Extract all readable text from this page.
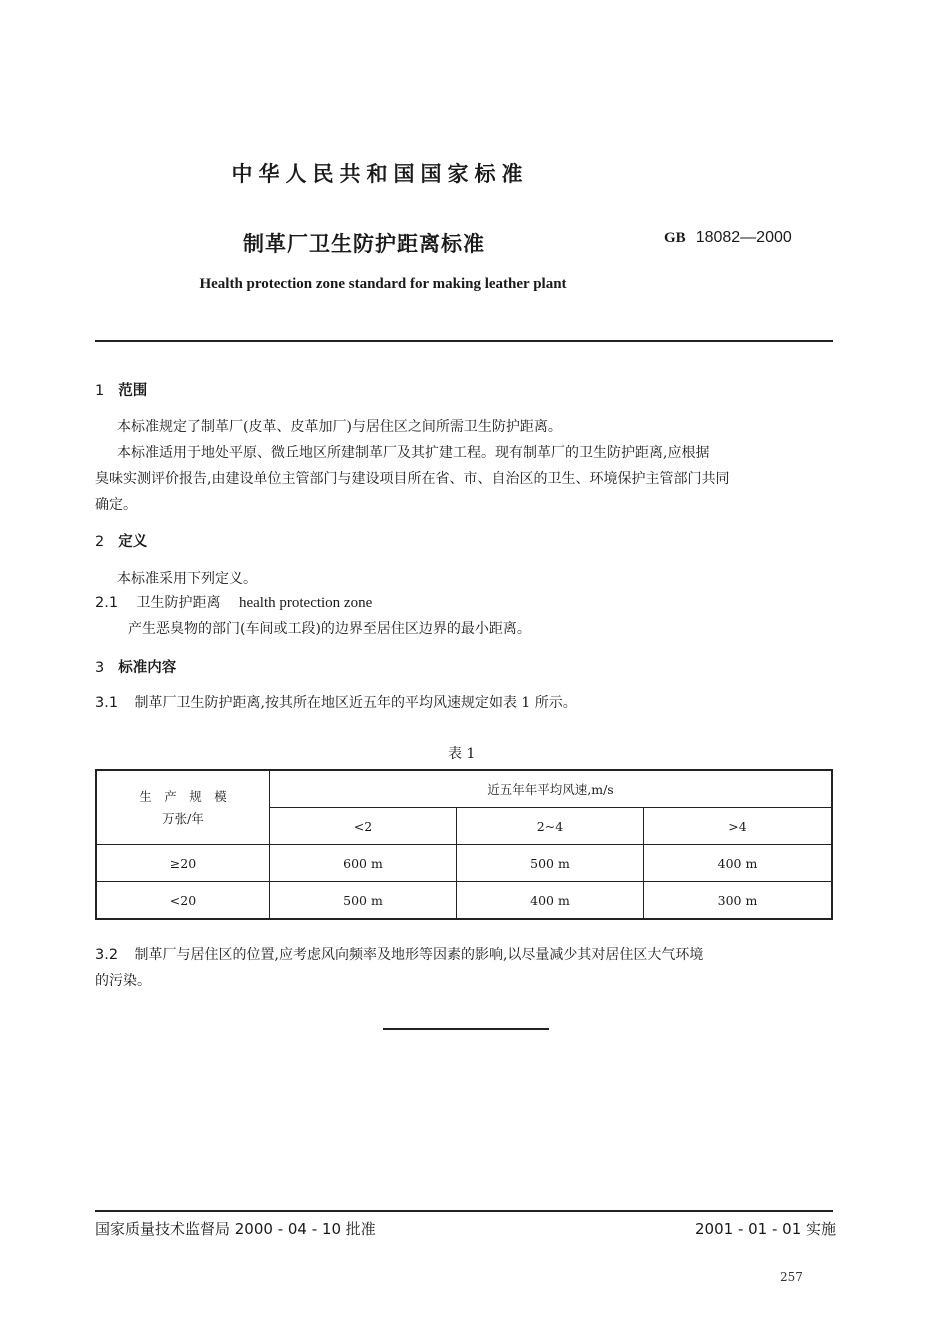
中华人民共和国国家标准
制革厂卫生防护距离标准	GB 18082—2000
Health protection zone standard for making leather plant
1 范围
本标准规定了制革厂(皮革、皮革加厂)与居住区之间所需卫生防护距离。
本标准适用于地处平原、微丘地区所建制革厂及其扩建工程。现有制革厂的卫生防护距离,应根据
臭味实测评价报告,由建设单位主管部门与建设项目所在省、市、自治区的卫生、环境保护主管部门共同
确定。
2 定义
本标准采用下列定义。
2.1 卫生防护距离 health protection zone
产生恶臭物的部门(车间或工段)的边界至居住区边界的最小距离。
3 标准内容
3.1 制革厂卫生防护距离,按其所在地区近五年的平均风速规定如表 1 所示。
表 1
生　产　规　模
万张/年	近五年年平均风速,m/s		
	<2	2~4	>4
≥20	600 m	500 m	400 m
<20	500 m	400 m	300 m
3.2 制革厂与居住区的位置,应考虑风向频率及地形等因素的影响,以尽量减少其对居住区大气环境
的污染。
国家质量技术监督局 2000 - 04 - 10 批准	2001 - 01 - 01 实施
257
